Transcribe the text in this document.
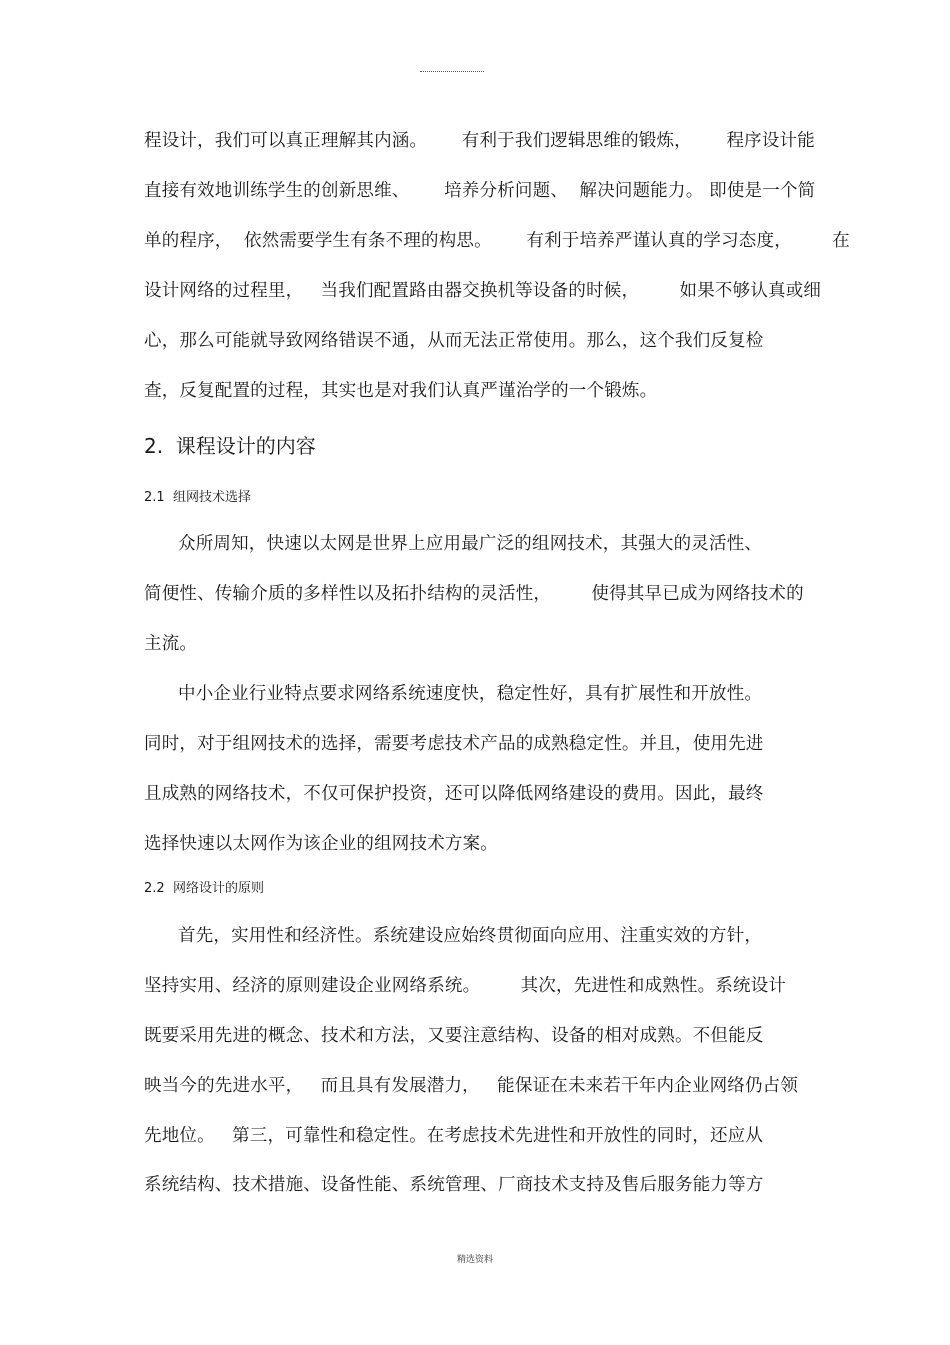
程设计，我们可以真正理解其内涵。      有利于我们逻辑思维的锻炼，      程序设计能
直接有效地训练学生的创新思维、      培养分析问题、  解决问题能力。 即使是一个简
单的程序，  依然需要学生有条不理的构思。      有利于培养严谨认真的学习态度，       在
设计网络的过程里，   当我们配置路由器交换机等设备的时候，       如果不够认真或细
心，那么可能就导致网络错误不通，从而无法正常使用。那么，这个我们反复检
查，反复配置的过程，其实也是对我们认真严谨治学的一个锻炼。
2.  课程设计的内容
2.1  组网技术选择
众所周知，快速以太网是世界上应用最广泛的组网技术，其强大的灵活性、
简便性、传输介质的多样性以及拓扑结构的灵活性，       使得其早已成为网络技术的
主流。
中小企业行业特点要求网络系统速度快，稳定性好，具有扩展性和开放性。
同时，对于组网技术的选择，需要考虑技术产品的成熟稳定性。并且，使用先进
且成熟的网络技术，不仅可保护投资，还可以降低网络建设的费用。因此，最终
选择快速以太网作为该企业的组网技术方案。
2.2  网络设计的原则
首先，实用性和经济性。系统建设应始终贯彻面向应用、注重实效的方针，
坚持实用、经济的原则建设企业网络系统。       其次，先进性和成熟性。系统设计
既要采用先进的概念、技术和方法，又要注意结构、设备的相对成熟。不但能反
映当今的先进水平，   而且具有发展潜力，   能保证在未来若干年内企业网络仍占领
先地位。   第三，可靠性和稳定性。在考虑技术先进性和开放性的同时，还应从
系统结构、技术措施、设备性能、系统管理、厂商技术支持及售后服务能力等方
精选资料
